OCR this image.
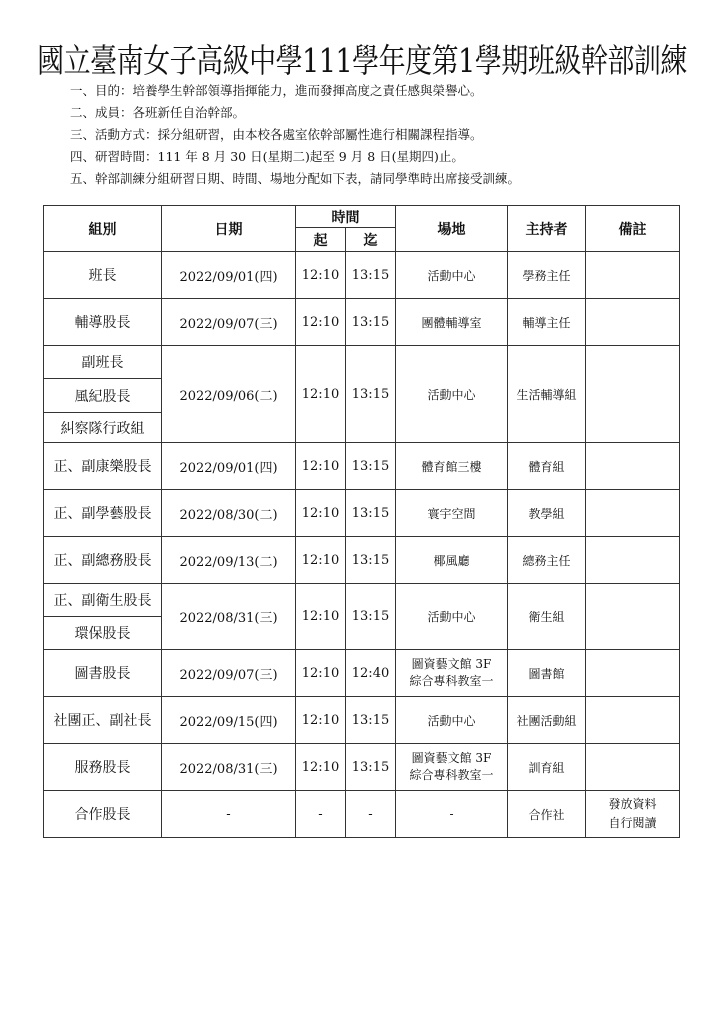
國立臺南女子高級中學111學年度第1學期班級幹部訓練
一、目的：培養學生幹部領導指揮能力，進而發揮高度之責任感與榮譽心。
二、成員：各班新任自治幹部。
三、活動方式：採分組研習，由本校各處室依幹部屬性進行相關課程指導。
四、研習時間：111 年 8 月 30 日(星期二)起至 9 月 8 日(星期四)止。
五、幹部訓練分組研習日期、時間、場地分配如下表，請同學準時出席接受訓練。
組別	日期	時間		場地	主持者	備註
		起	迄			
班長	2022/09/01(四)	12:10	13:15	活動中心	學務主任	
輔導股長	2022/09/07(三)	12:10	13:15	團體輔導室	輔導主任	
副班長	2022/09/06(二)	12:10	13:15	活動中心	生活輔導組	
風紀股長						
糾察隊行政組						
正、副康樂股長	2022/09/01(四)	12:10	13:15	體育館三樓	體育組	
正、副學藝股長	2022/08/30(二)	12:10	13:15	寰宇空間	教學組	
正、副總務股長	2022/09/13(二)	12:10	13:15	椰風廳	總務主任	
正、副衛生股長	2022/08/31(三)	12:10	13:15	活動中心	衛生組	
環保股長						
圖書股長	2022/09/07(三)	12:10	12:40	圖資藝文館 3F
綜合專科教室一	圖書館	
社團正、副社長	2022/09/15(四)	12:10	13:15	活動中心	社團活動組	
服務股長	2022/08/31(三)	12:10	13:15	圖資藝文館 3F
綜合專科教室一	訓育組	
合作股長	-	-	-	-	合作社	發放資料
自行閱讀
